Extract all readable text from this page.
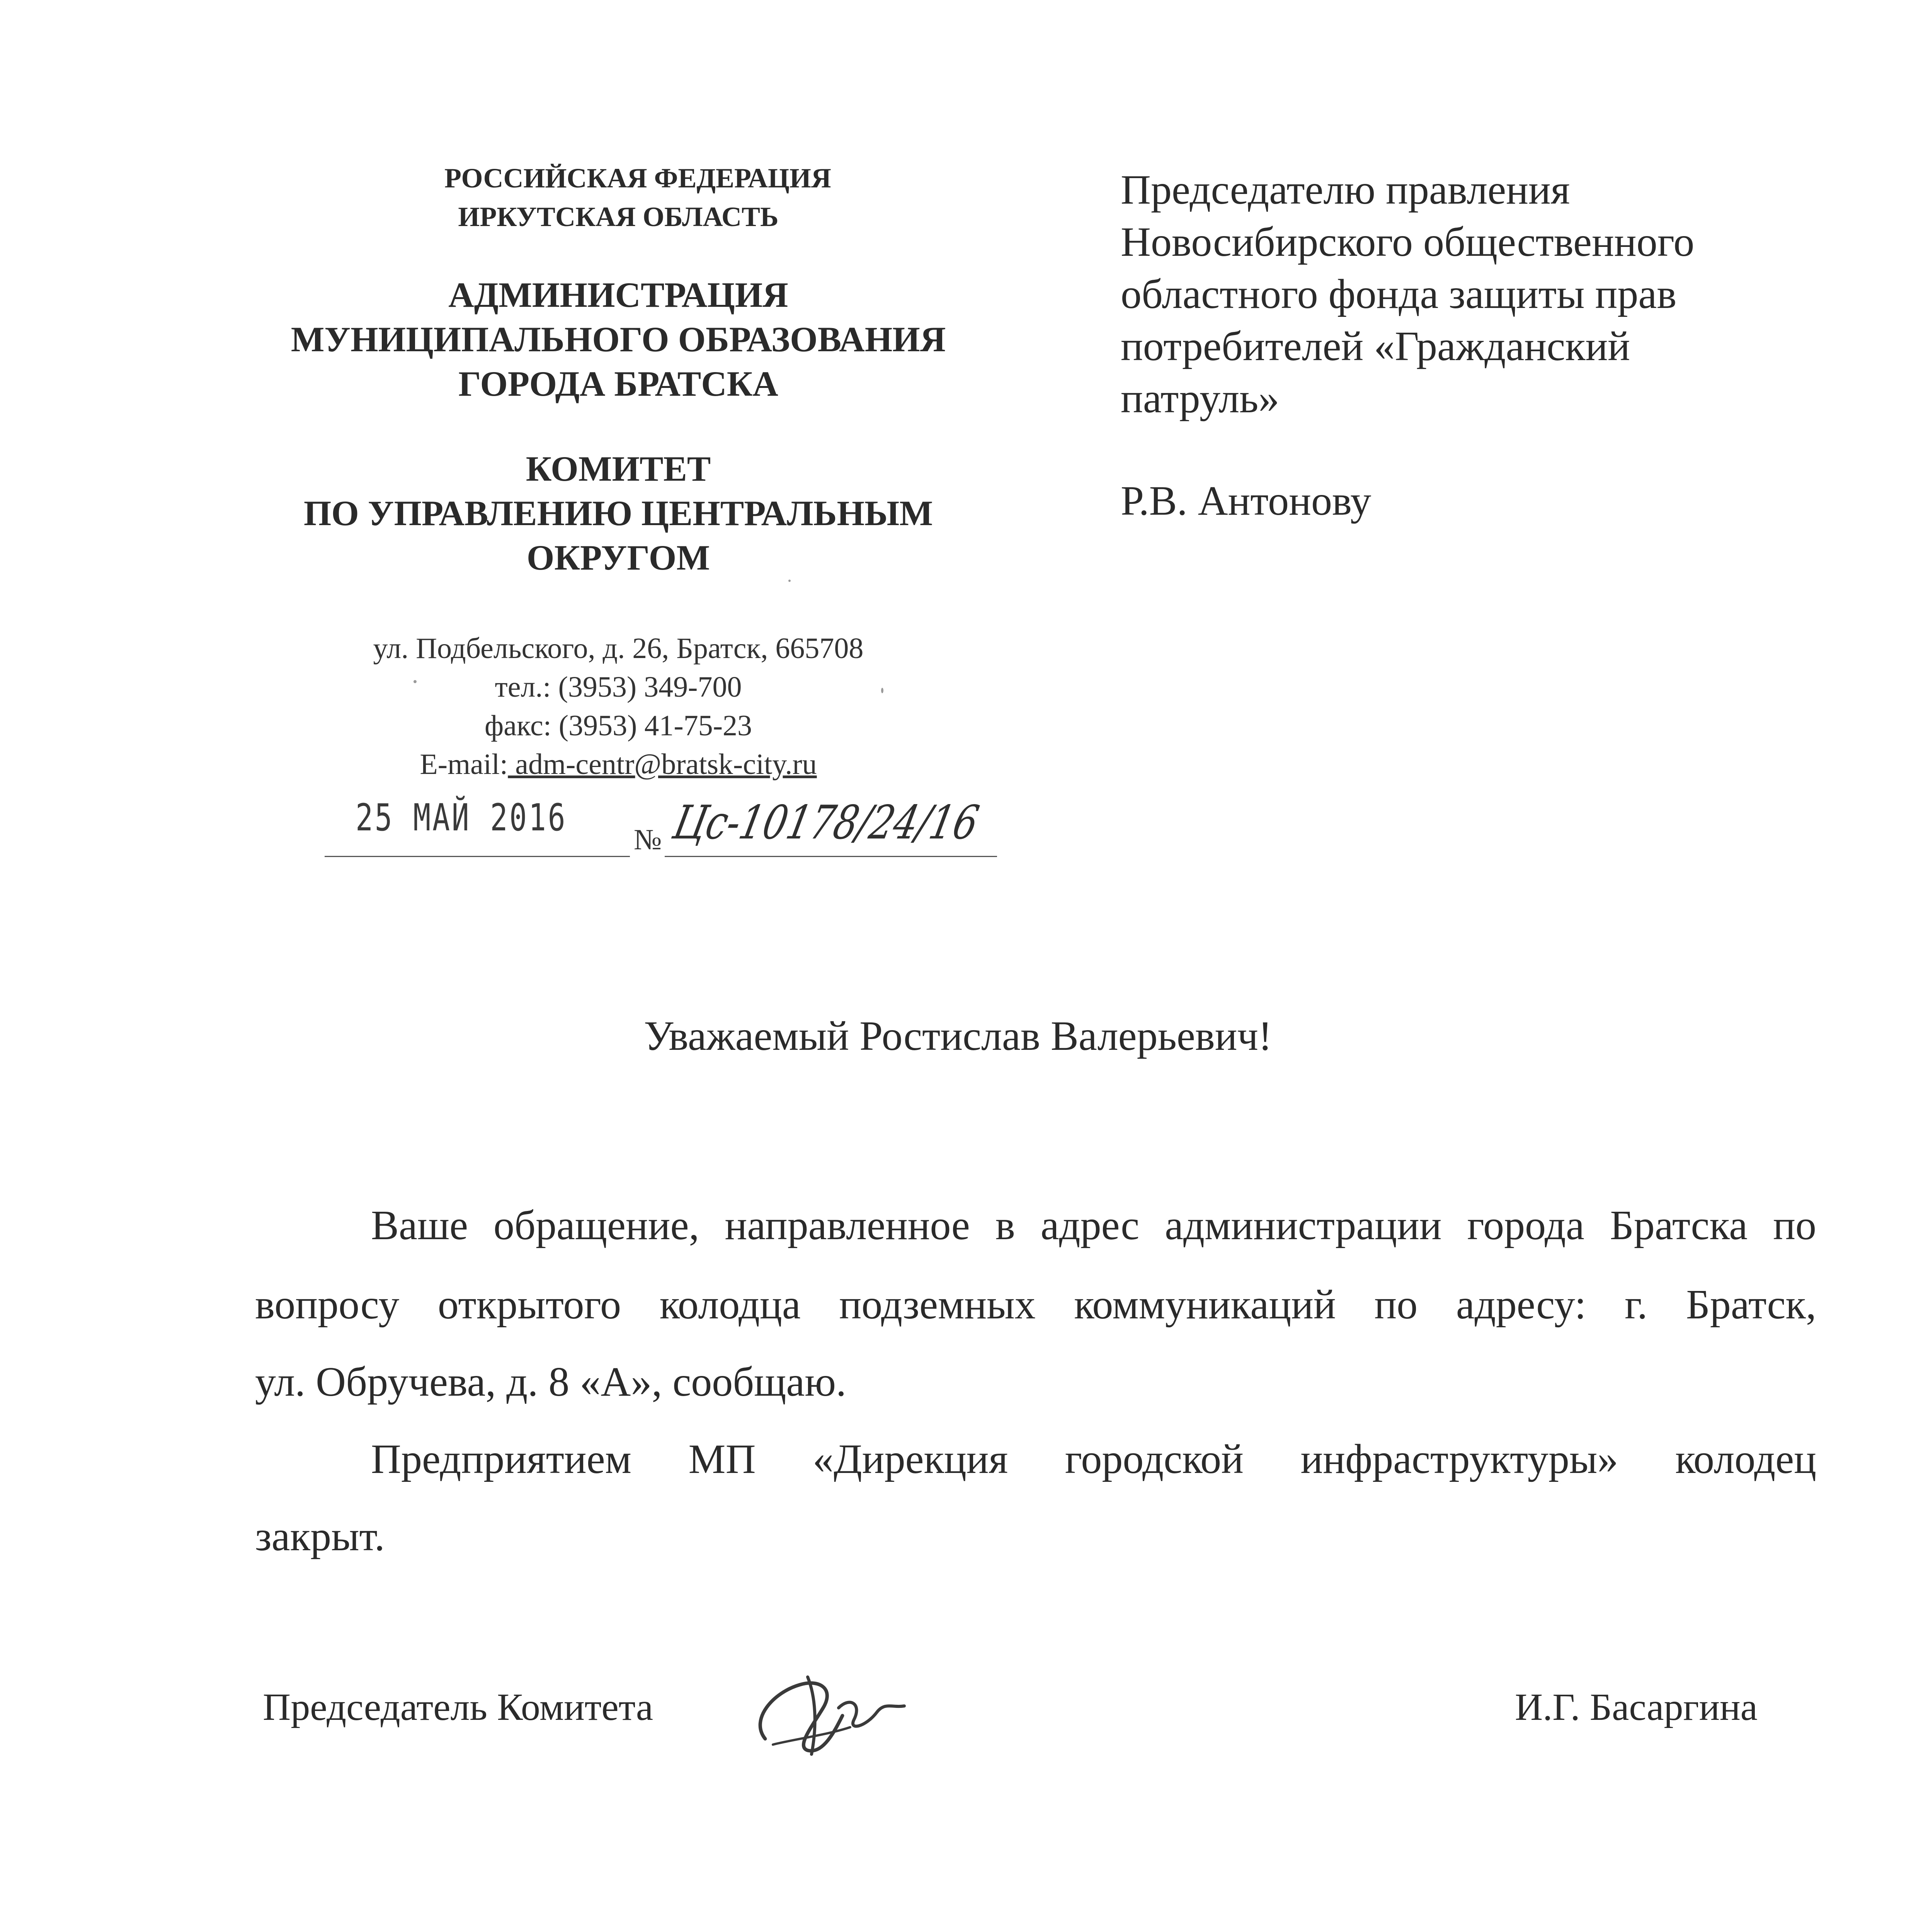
РОССИЙСКАЯ ФЕДЕРАЦИЯ
ИРКУТСКАЯ ОБЛАСТЬ
АДМИНИСТРАЦИЯ
МУНИЦИПАЛЬНОГО ОБРАЗОВАНИЯ
ГОРОДА БРАТСКА
КОМИТЕТ
ПО УПРАВЛЕНИЮ ЦЕНТРАЛЬНЫМ
ОКРУГОМ
ул. Подбельского, д. 26, Братск, 665708
тел.: (3953) 349-700
факс: (3953) 41-75-23
E-mail: adm-centr@bratsk-city.ru
25 МАЙ 2016
№ Цс-10178/24/16
Председателю правления
Новосибирского общественного
областного фонда защиты прав
потребителей «Гражданский
патруль»
Р.В. Антонову
Уважаемый Ростислав Валерьевич!
Ваше обращение, направленное в адрес администрации города Братска по
вопросу открытого колодца подземных коммуникаций по адресу: г. Братск,
ул. Обручева, д. 8 «А», сообщаю.
Предприятием МП «Дирекция городской инфраструктуры» колодец
закрыт.
Председатель Комитета	И.Г. Басаргина
